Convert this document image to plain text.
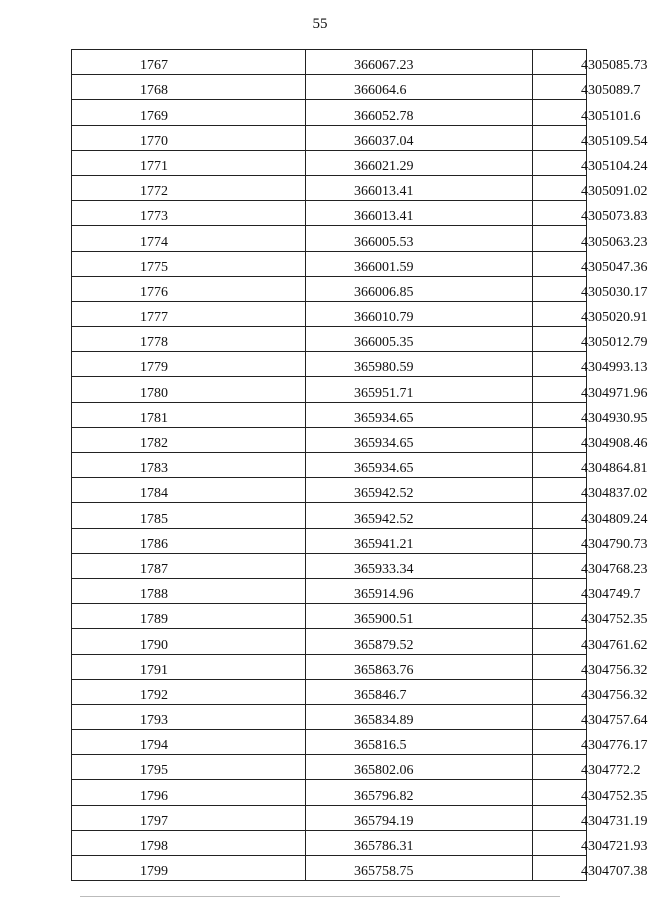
55
1767	366067.23	4305085.73
1768	366064.6	4305089.7
1769	366052.78	4305101.6
1770	366037.04	4305109.54
1771	366021.29	4305104.24
1772	366013.41	4305091.02
1773	366013.41	4305073.83
1774	366005.53	4305063.23
1775	366001.59	4305047.36
1776	366006.85	4305030.17
1777	366010.79	4305020.91
1778	366005.35	4305012.79
1779	365980.59	4304993.13
1780	365951.71	4304971.96
1781	365934.65	4304930.95
1782	365934.65	4304908.46
1783	365934.65	4304864.81
1784	365942.52	4304837.02
1785	365942.52	4304809.24
1786	365941.21	4304790.73
1787	365933.34	4304768.23
1788	365914.96	4304749.7
1789	365900.51	4304752.35
1790	365879.52	4304761.62
1791	365863.76	4304756.32
1792	365846.7	4304756.32
1793	365834.89	4304757.64
1794	365816.5	4304776.17
1795	365802.06	4304772.2
1796	365796.82	4304752.35
1797	365794.19	4304731.19
1798	365786.31	4304721.93
1799	365758.75	4304707.38
